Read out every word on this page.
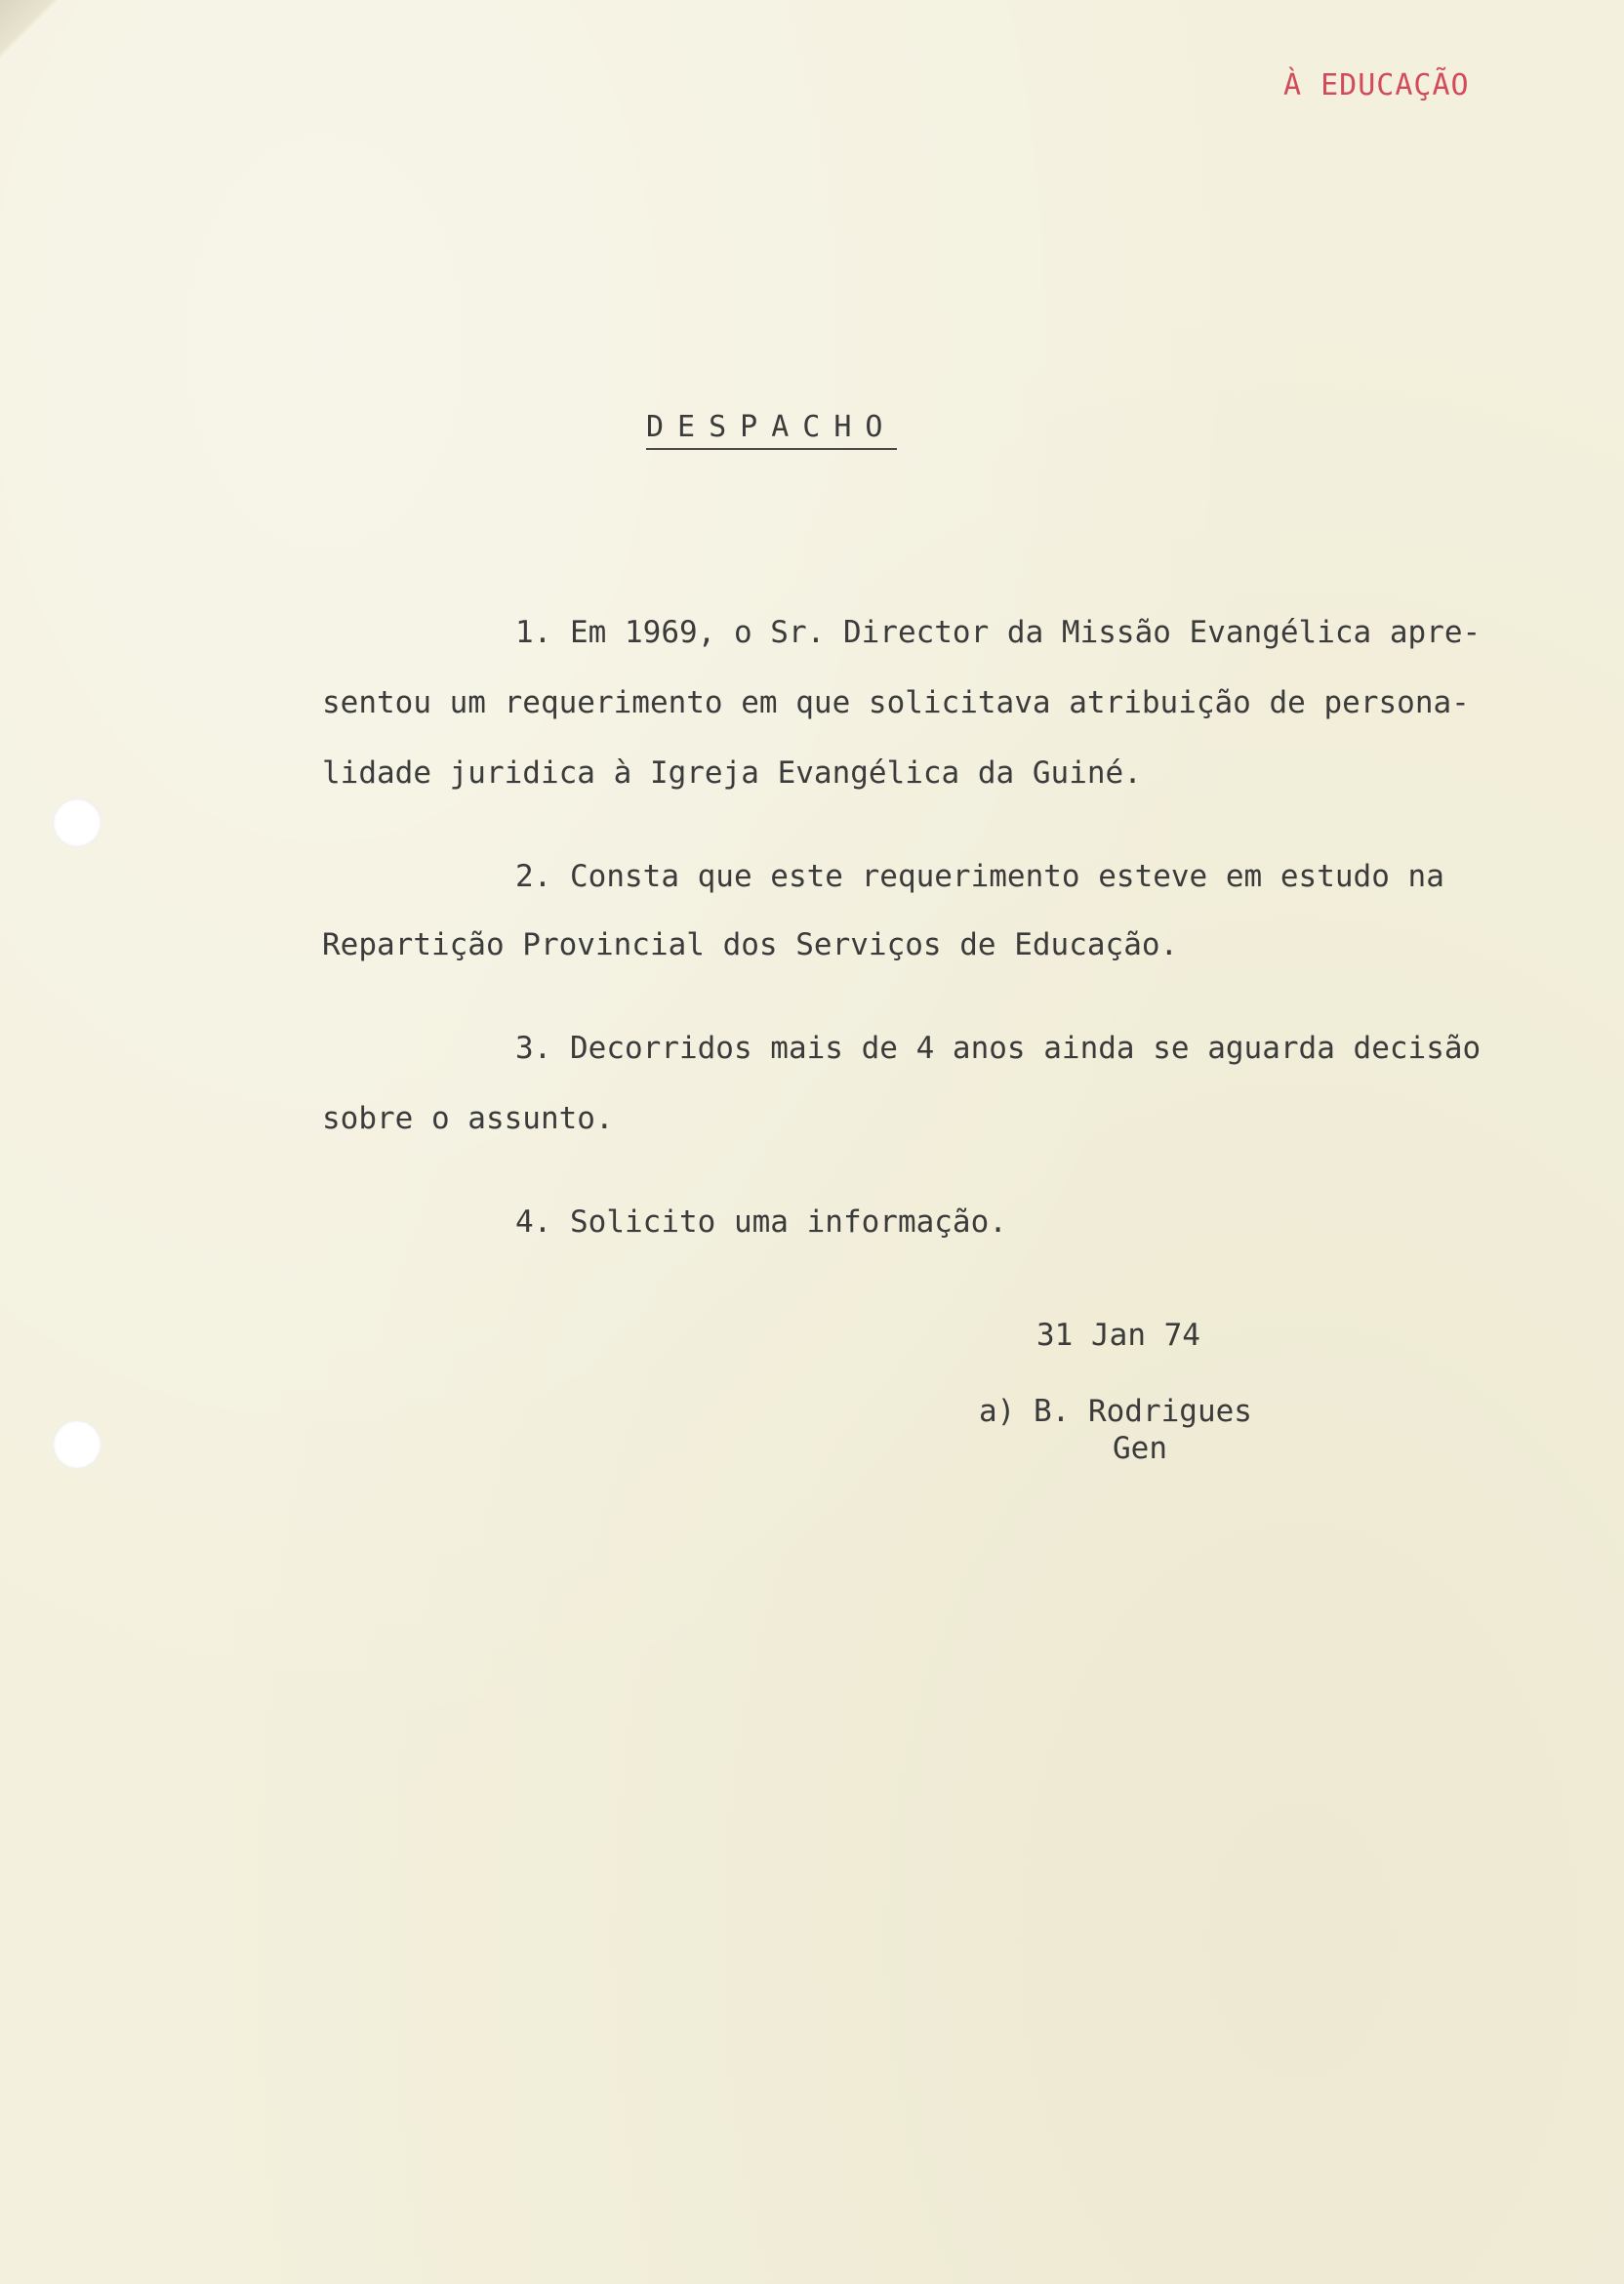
À EDUCAÇÃO
DESPACHO
1. Em 1969, o Sr. Director da Missão Evangélica apre-
sentou um requerimento em que solicitava atribuição de persona-
lidade juridica à Igreja Evangélica da Guiné.
2. Consta que este requerimento esteve em estudo na
Repartição Provincial dos Serviços de Educação.
3. Decorridos mais de 4 anos ainda se aguarda decisão
sobre o assunto.
4. Solicito uma informação.
31 Jan 74
a) B. Rodrigues
Gen
